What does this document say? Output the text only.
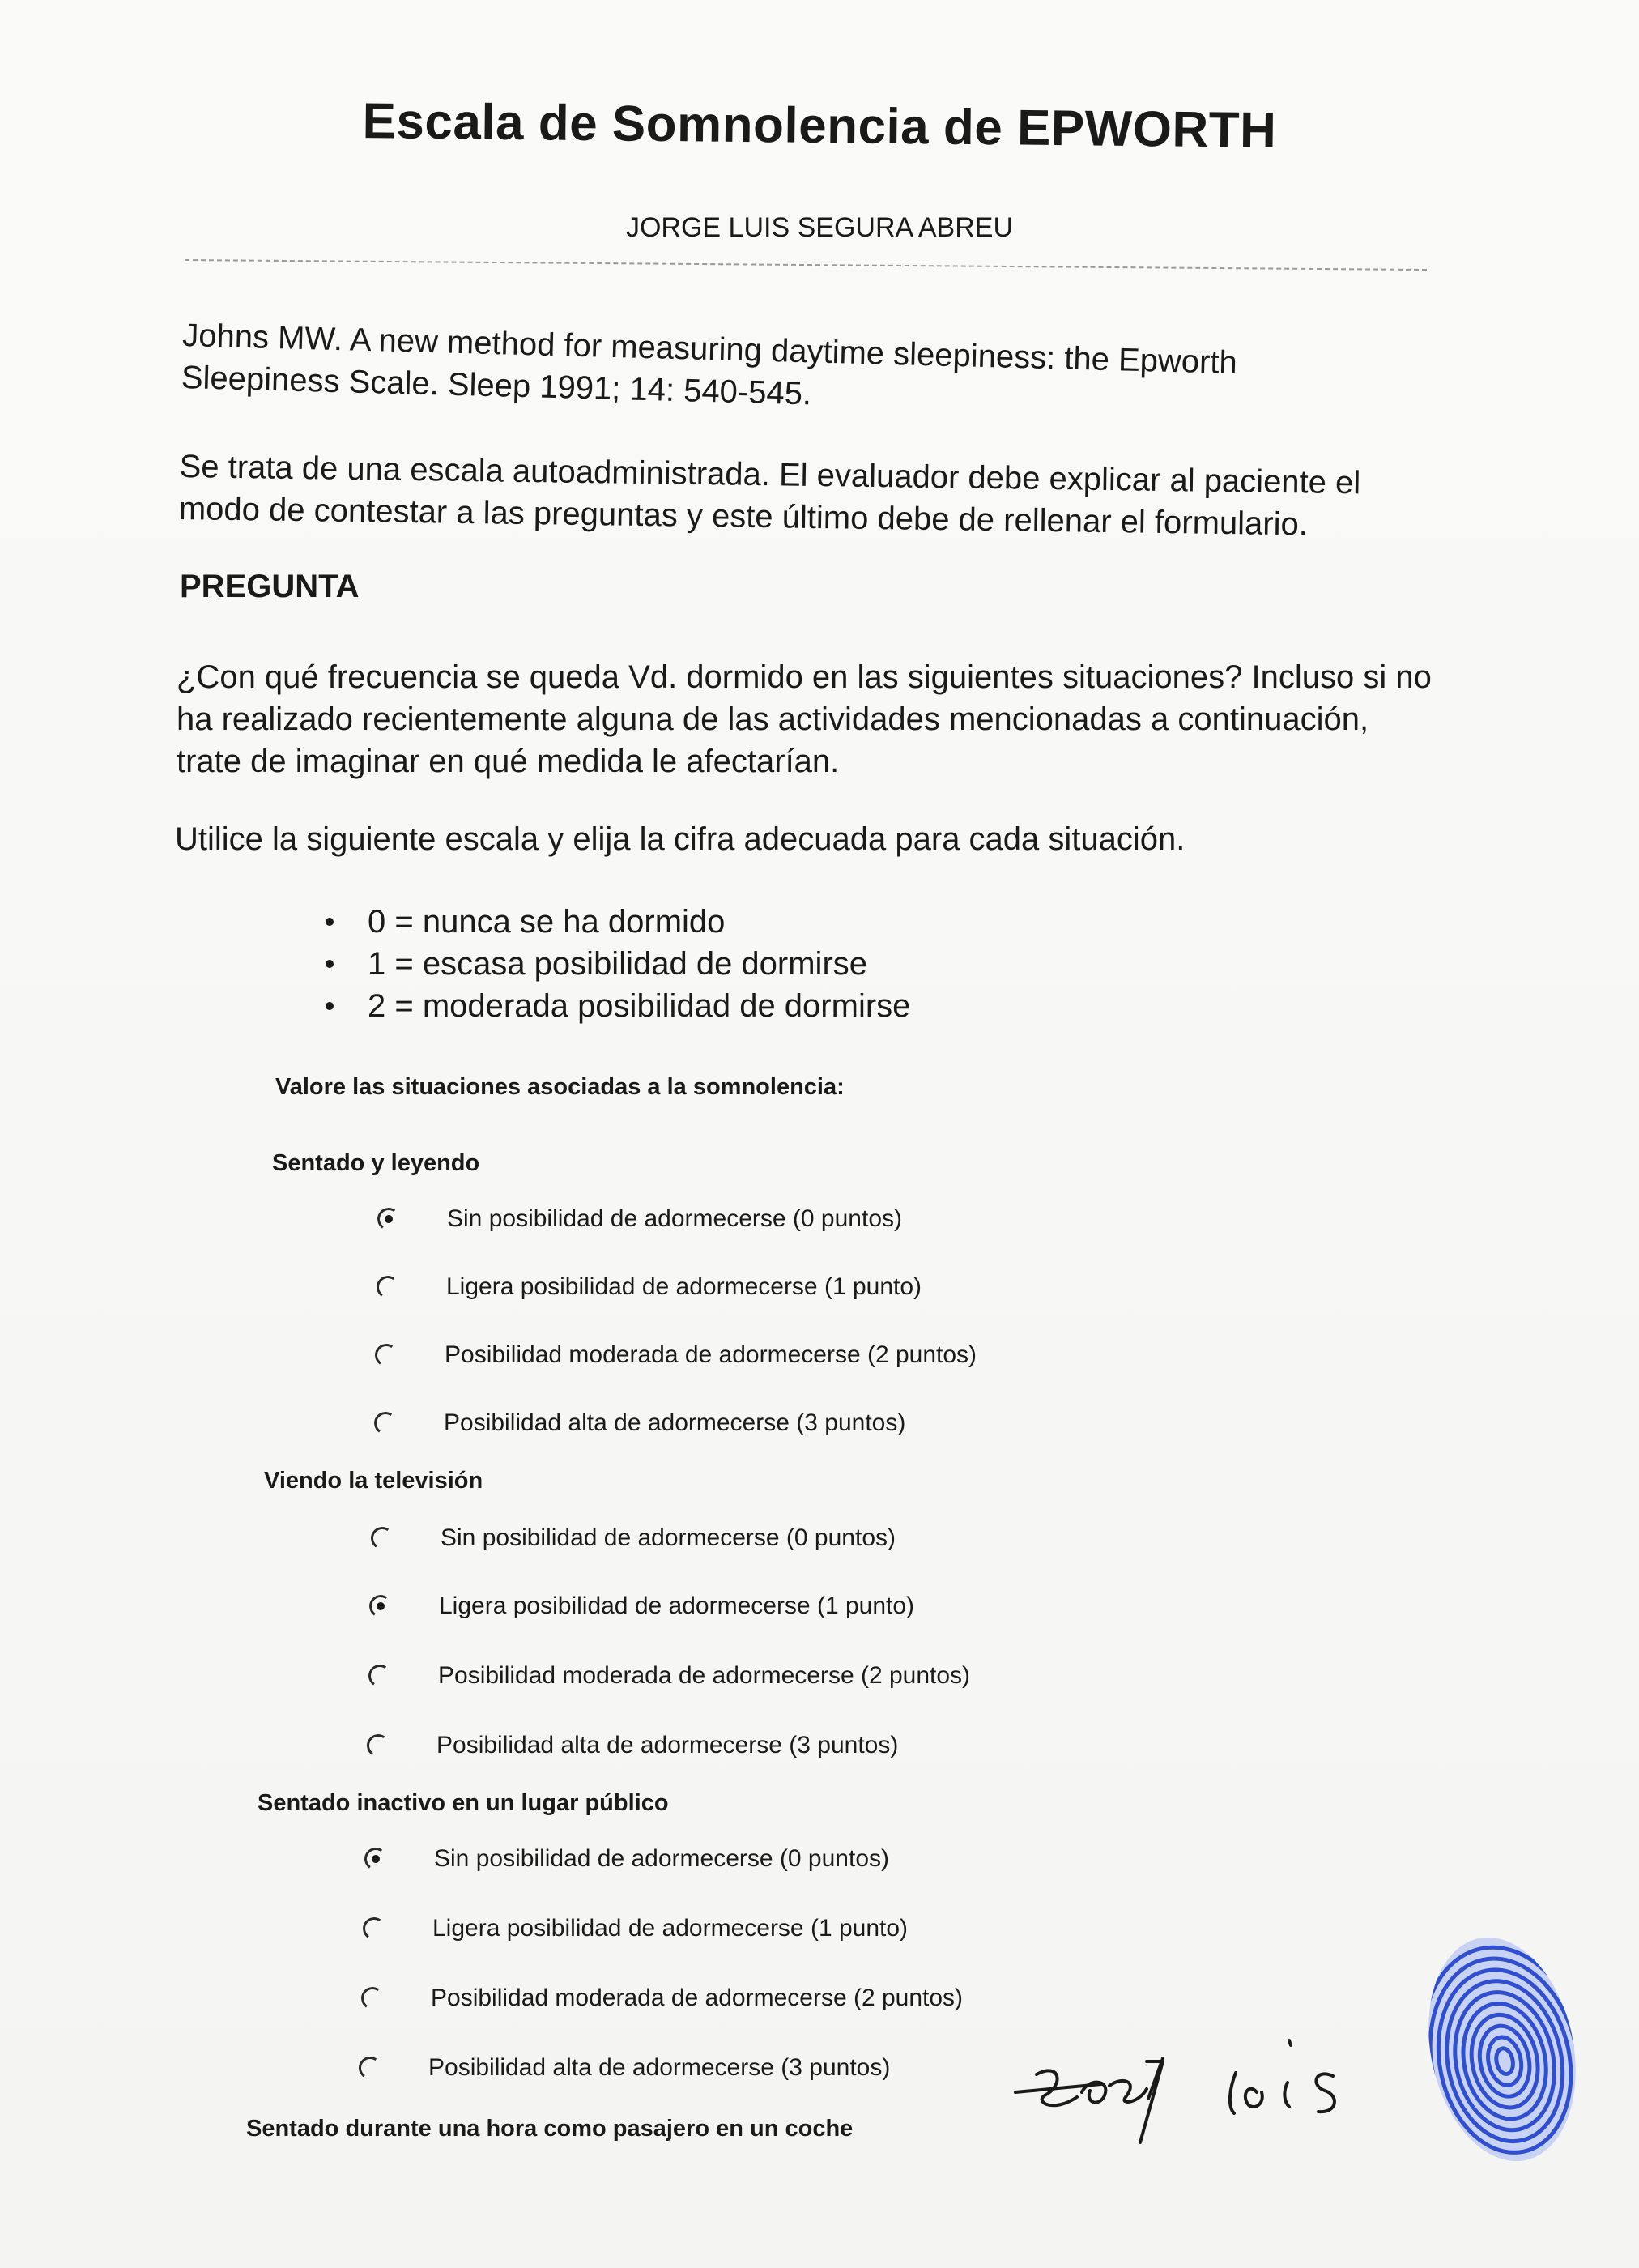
Escala de Somnolencia de EPWORTH
JORGE LUIS SEGURA ABREU
Johns MW. A new method for measuring daytime sleepiness: the Epworth Sleepiness Scale. Sleep 1991; 14: 540-545.
Se trata de una escala autoadministrada. El evaluador debe explicar al paciente el modo de contestar a las preguntas y este último debe de rellenar el formulario.
PREGUNTA
¿Con qué frecuencia se queda Vd. dormido en las siguientes situaciones? Incluso si no ha realizado recientemente alguna de las actividades mencionadas a continuación, trate de imaginar en qué medida le afectarían.
Utilice la siguiente escala y elija la cifra adecuada para cada situación.
0 = nunca se ha dormido
1 = escasa posibilidad de dormirse
2 = moderada posibilidad de dormirse
Valore las situaciones asociadas a la somnolencia:
Sentado y leyendo
Sin posibilidad de adormecerse (0 puntos)
Ligera posibilidad de adormecerse (1 punto)
Posibilidad moderada de adormecerse (2 puntos)
Posibilidad alta de adormecerse (3 puntos)
Viendo la televisión
Sin posibilidad de adormecerse (0 puntos)
Ligera posibilidad de adormecerse (1 punto)
Posibilidad moderada de adormecerse (2 puntos)
Posibilidad alta de adormecerse (3 puntos)
Sentado inactivo en un lugar público
Sin posibilidad de adormecerse (0 puntos)
Ligera posibilidad de adormecerse (1 punto)
Posibilidad moderada de adormecerse (2 puntos)
Posibilidad alta de adormecerse (3 puntos)
Sentado durante una hora como pasajero en un coche
